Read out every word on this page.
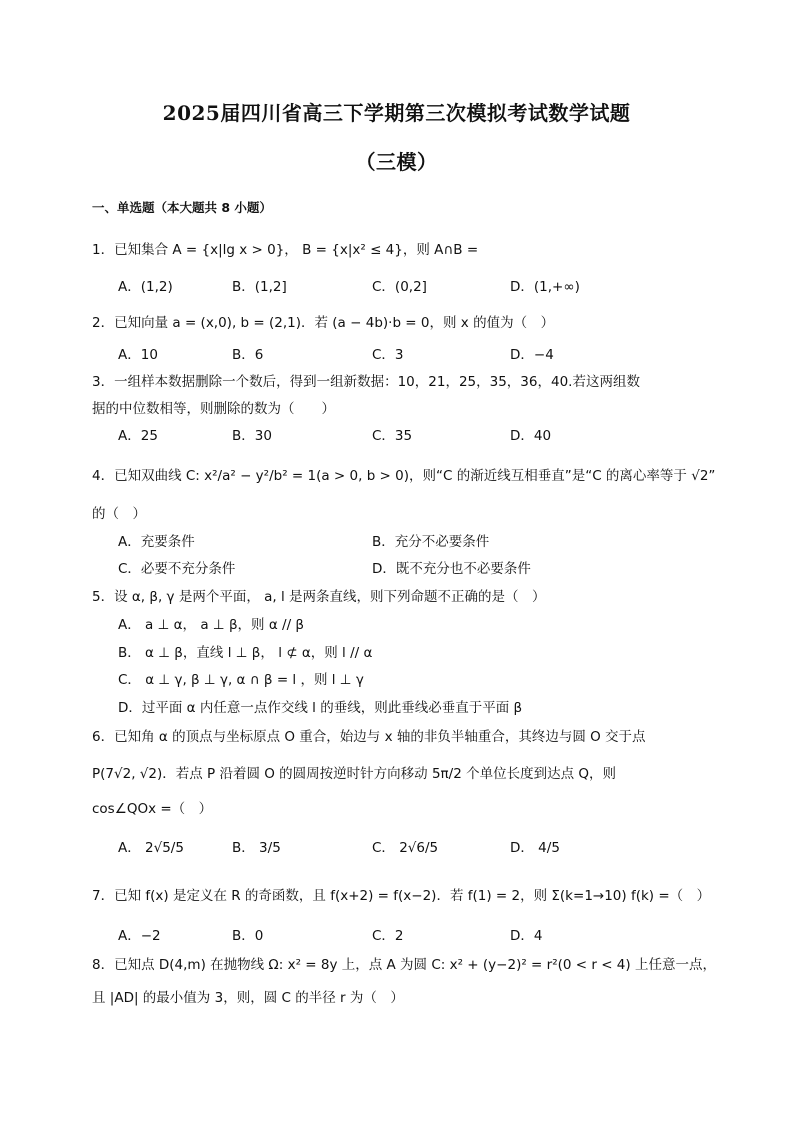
2025届四川省高三下学期第三次模拟考试数学试题
（三模）
一、单选题（本大题共 8 小题）
1．已知集合 A = {x|lg x > 0}， B = {x|x² ≤ 4}，则 A∩B =
A．(1,2)	B．(1,2]	C．(0,2]	D．(1,+∞)
2．已知向量 a = (x,0), b = (2,1)．若 (a − 4b)·b = 0，则 x 的值为（　）
A．10	B．6	C．3	D．−4
3．一组样本数据删除一个数后，得到一组新数据：10，21，25，35，36，40.若这两组数
据的中位数相等，则删除的数为（　　）
A．25	B．30	C．35	D．40
4．已知双曲线 C: x²/a² − y²/b² = 1(a > 0, b > 0)，则“C 的渐近线互相垂直”是“C 的离心率等于 √2”
的（　）
A．充要条件	B．充分不必要条件
C．必要不充分条件	D．既不充分也不必要条件
5．设 α, β, γ 是两个平面， a, l 是两条直线，则下列命题不正确的是（　）
A． a ⊥ α， a ⊥ β，则 α // β
B． α ⊥ β，直线 l ⊥ β， l ⊄ α，则 l // α
C． α ⊥ γ, β ⊥ γ, α ∩ β = l ，则 l ⊥ γ
D．过平面 α 内任意一点作交线 l 的垂线，则此垂线必垂直于平面 β
6．已知角 α 的顶点与坐标原点 O 重合，始边与 x 轴的非负半轴重合，其终边与圆 O 交于点
P(7√2, √2)．若点 P 沿着圆 O 的圆周按逆时针方向移动 5π/2 个单位长度到达点 Q，则
cos∠QOx =（　）
A． 2√5/5	B． 3/5	C． 2√6/5	D． 4/5
7．已知 f(x) 是定义在 R 的奇函数，且 f(x+2) = f(x−2)．若 f(1) = 2，则 Σ(k=1→10) f(k) =（　）
A．−2	B．0	C．2	D．4
8．已知点 D(4,m) 在抛物线 Ω: x² = 8y 上，点 A 为圆 C: x² + (y−2)² = r²(0 < r < 4) 上任意一点，
且 |AD| 的最小值为 3，则，圆 C 的半径 r 为（　）
